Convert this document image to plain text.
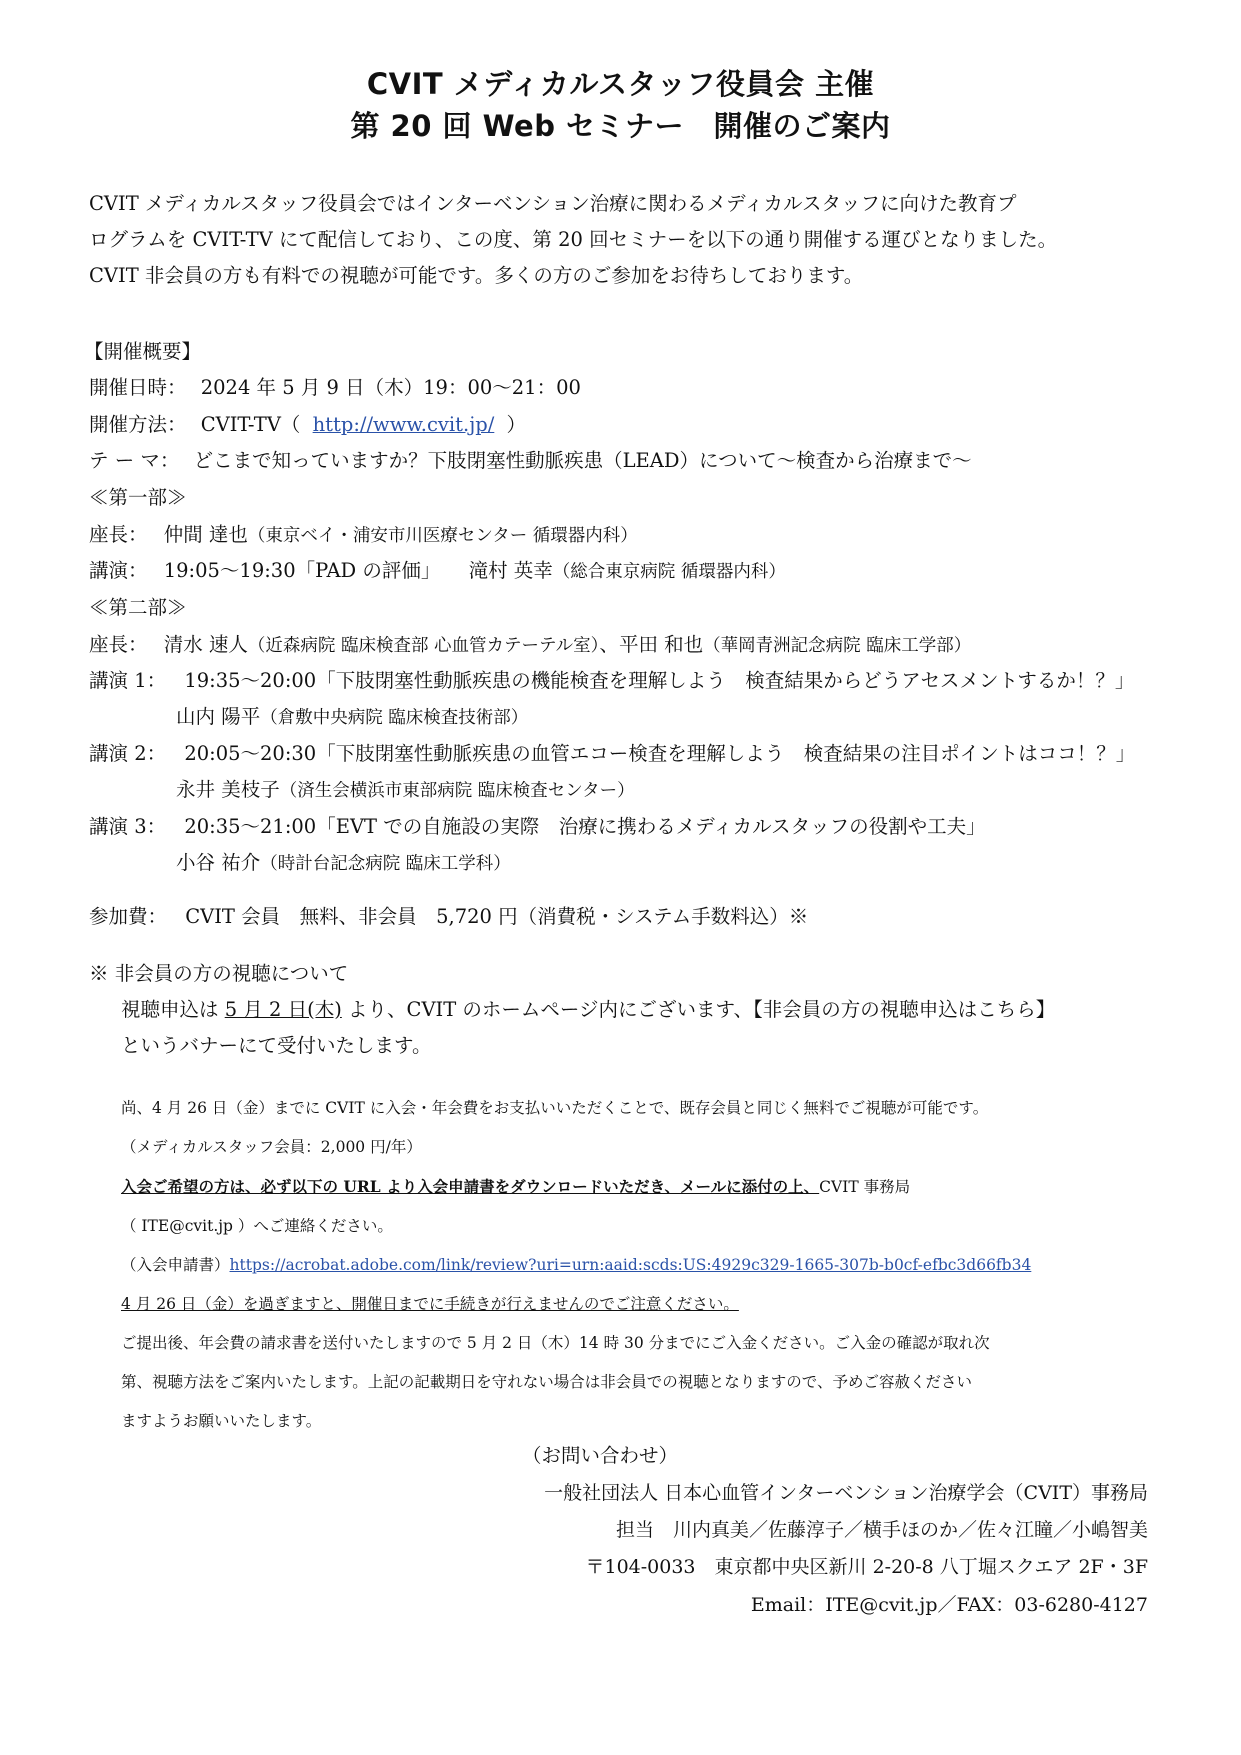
CVIT メディカルスタッフ役員会 主催
第 20 回 Web セミナー　開催のご案内
CVIT メディカルスタッフ役員会ではインターベンション治療に関わるメディカルスタッフに向けた教育プ
ログラムを CVIT-TV にて配信しており、この度、第 20 回セミナーを以下の通り開催する運びとなりました。
CVIT 非会員の方も有料での視聴が可能です。多くの方のご参加をお待ちしております。
【開催概要】
開催日時： 2024 年 5 月 9 日（木）19：00〜21：00
開催方法： CVIT-TV（ http://www.cvit.jp/ ）
テ ー マ： どこまで知っていますか？下肢閉塞性動脈疾患（LEAD）について〜検査から治療まで〜
≪第一部≫
座長： 仲間 達也（東京ベイ・浦安市川医療センター 循環器内科）
講演： 19:05〜19:30「PAD の評価」 滝村 英幸（総合東京病院 循環器内科）
≪第二部≫
座長： 清水 速人（近森病院 臨床検査部 心血管カテーテル室）、平田 和也（華岡青洲記念病院 臨床工学部）
講演 1： 19:35〜20:00「下肢閉塞性動脈疾患の機能検査を理解しよう　検査結果からどうアセスメントするか！？」
山内 陽平（倉敷中央病院 臨床検査技術部）
講演 2： 20:05〜20:30「下肢閉塞性動脈疾患の血管エコー検査を理解しよう　検査結果の注目ポイントはココ！？」
永井 美枝子（済生会横浜市東部病院 臨床検査センター）
講演 3： 20:35〜21:00「EVT での自施設の実際　治療に携わるメディカルスタッフの役割や工夫」
小谷 祐介（時計台記念病院 臨床工学科）
参加費： CVIT 会員　無料、非会員　5,720 円（消費税・システム手数料込）※
※ 非会員の方の視聴について
視聴申込は 5 月 2 日(木) より、CVIT のホームページ内にございます、【非会員の方の視聴申込はこちら】
というバナーにて受付いたします。
尚、4 月 26 日（金）までに CVIT に入会・年会費をお支払いいただくことで、既存会員と同じく無料でご視聴が可能です。
（メディカルスタッフ会員：2,000 円/年）
入会ご希望の方は、必ず以下の URL より入会申請書をダウンロードいただき、メールに添付の上、CVIT 事務局
（ ITE@cvit.jp ）へご連絡ください。
（入会申請書）https://acrobat.adobe.com/link/review?uri=urn:aaid:scds:US:4929c329-1665-307b-b0cf-efbc3d66fb34
4 月 26 日（金）を過ぎますと、開催日までに手続きが行えませんのでご注意ください。
ご提出後、年会費の請求書を送付いたしますので 5 月 2 日（木）14 時 30 分までにご入金ください。ご入金の確認が取れ次
第、視聴方法をご案内いたします。上記の記載期日を守れない場合は非会員での視聴となりますので、予めご容赦ください
ますようお願いいたします。
（お問い合わせ）
一般社団法人 日本心血管インターベンション治療学会（CVIT）事務局
担当　川内真美／佐藤淳子／横手ほのか／佐々江瞳／小嶋智美
〒104-0033　東京都中央区新川 2-20-8 八丁堀スクエア 2F・3F
Email：ITE@cvit.jp／FAX：03-6280-4127
